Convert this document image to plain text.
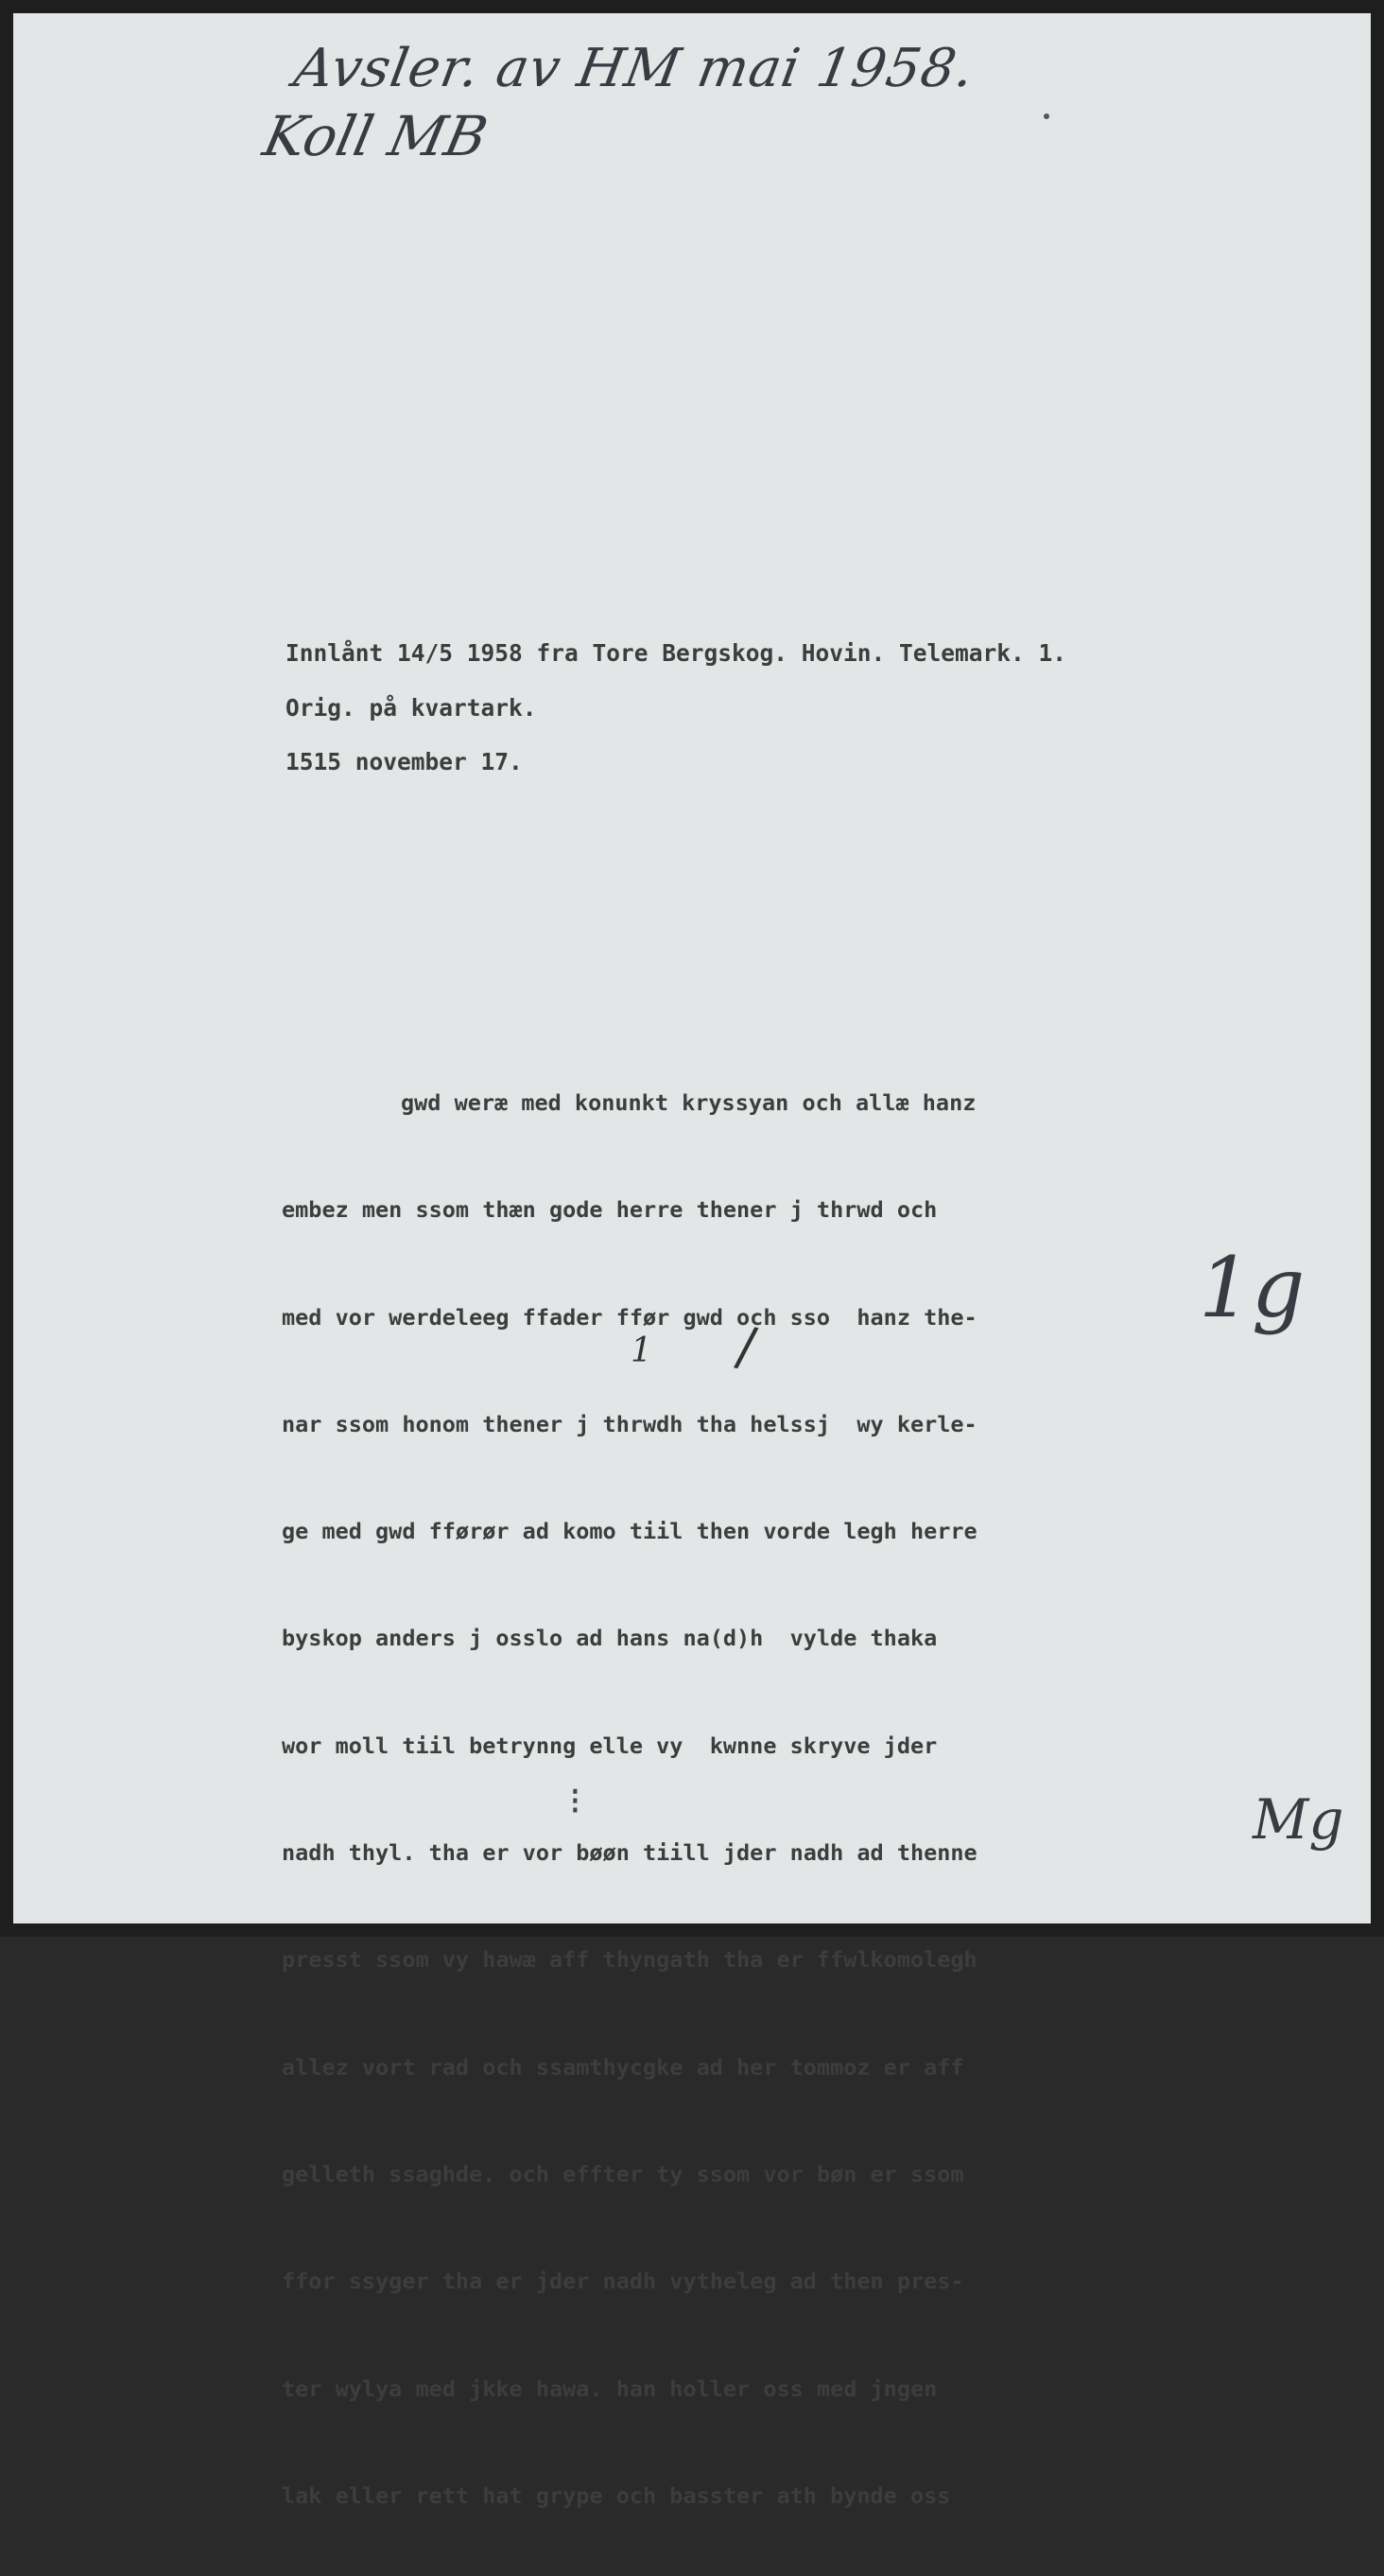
Avsler. av HM mai 1958.
Koll MB
Innlånt 14/5 1958 fra Tore Bergskog. Hovin. Telemark. 1.
Orig. på kvartark.
1515 november 17.

gwd weræ med konunkt kryssyan och allæ hanz

embez men ssom thæn gode herre thener j thrwd och

med vor werdeleeg ffader ffør gwd och sso  hanz the-

nar ssom honom thener j thrwdh tha helssj  wy kerle-

ge med gwd fførør ad komo tiil then vorde legh herre

byskop anders j osslo ad hans na(d)h  vylde thaka

wor moll tiil betrynng elle vy  kwnne skryve jder

nadh thyl. tha er vor bøøn tiill jder nadh ad thenne

presst ssom vy hawæ aff thyngath tha er ffwlkomolegh

allez vort rad och ssamthycgke ad her tommoz er aff

gelleth ssaghde. och effter ty ssom vor bøn er ssom

ffor ssyger tha er jder nadh vytheleg ad then pres-

ter wylya med jkke hawa. han holler oss med jngen

lak eller rett hat grype och basster ath bynde oss

1 /
1g
Mg
⁝
